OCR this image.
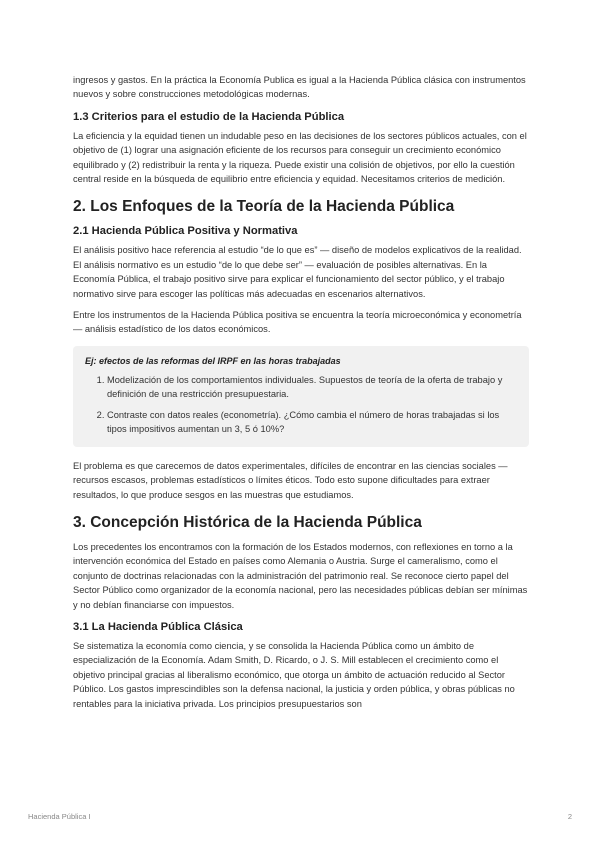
ingresos y gastos. En la práctica la Economía Publica es igual a la Hacienda Pública clásica con instrumentos nuevos y sobre construcciones metodológicas modernas.

1.3 Criterios para el estudio de la Hacienda Pública

La eficiencia y la equidad tienen un indudable peso en las decisiones de los sectores públicos actuales, con el objetivo de (1) lograr una asignación eficiente de los recursos para conseguir un crecimiento económico equilibrado y (2) redistribuir la renta y la riqueza. Puede existir una colisión de objetivos, por ello la cuestión central reside en la búsqueda de equilibrio entre eficiencia y equidad. Necesitamos criterios de medición.

2. Los Enfoques de la Teoría de la Hacienda Pública
2.1 Hacienda Pública Positiva y Normativa

El análisis positivo hace referencia al estudio “de lo que es” — diseño de modelos explicativos de la realidad. El análisis normativo es un estudio “de lo que debe ser” — evaluación de posibles alternativas. En la Economía Pública, el trabajo positivo sirve para explicar el funcionamiento del sector público, y el trabajo normativo sirve para escoger las políticas más adecuadas en escenarios alternativos.

Entre los instrumentos de la Hacienda Pública positiva se encuentra la teoría microeconómica y econometría — análisis estadístico de los datos económicos.

Ej: efectos de las reformas del IRPF en las horas trabajadas
1. Modelización de los comportamientos individuales. Supuestos de teoría de la oferta de trabajo y definición de una restricción presupuestaria.
2. Contraste con datos reales (econometría). ¿Cómo cambia el número de horas trabajadas si los tipos impositivos aumentan un 3, 5 ó 10%?

El problema es que carecemos de datos experimentales, difíciles de encontrar en las ciencias sociales — recursos escasos, problemas estadísticos o límites éticos. Todo esto supone dificultades para extraer resultados, lo que produce sesgos en las muestras que estudiamos.

3. Concepción Histórica de la Hacienda Pública

Los precedentes los encontramos con la formación de los Estados modernos, con reflexiones en torno a la intervención económica del Estado en países como Alemania o Austria. Surge el cameralismo, como el conjunto de doctrinas relacionadas con la administración del patrimonio real. Se reconoce cierto papel del Sector Público como organizador de la economía nacional, pero las necesidades públicas debían ser mínimas y no debían financiarse con impuestos.

3.1 La Hacienda Pública Clásica

Se sistematiza la economía como ciencia, y se consolida la Hacienda Pública como un ámbito de especialización de la Economía. Adam Smith, D. Ricardo, o J. S. Mill establecen el crecimiento como el objetivo principal gracias al liberalismo económico, que otorga un ámbito de actuación reducido al Sector Público. Los gastos imprescindibles son la defensa nacional, la justicia y orden pública, y obras públicas no rentables para la iniciativa privada. Los principios presupuestarios son

Hacienda Pública I	2
